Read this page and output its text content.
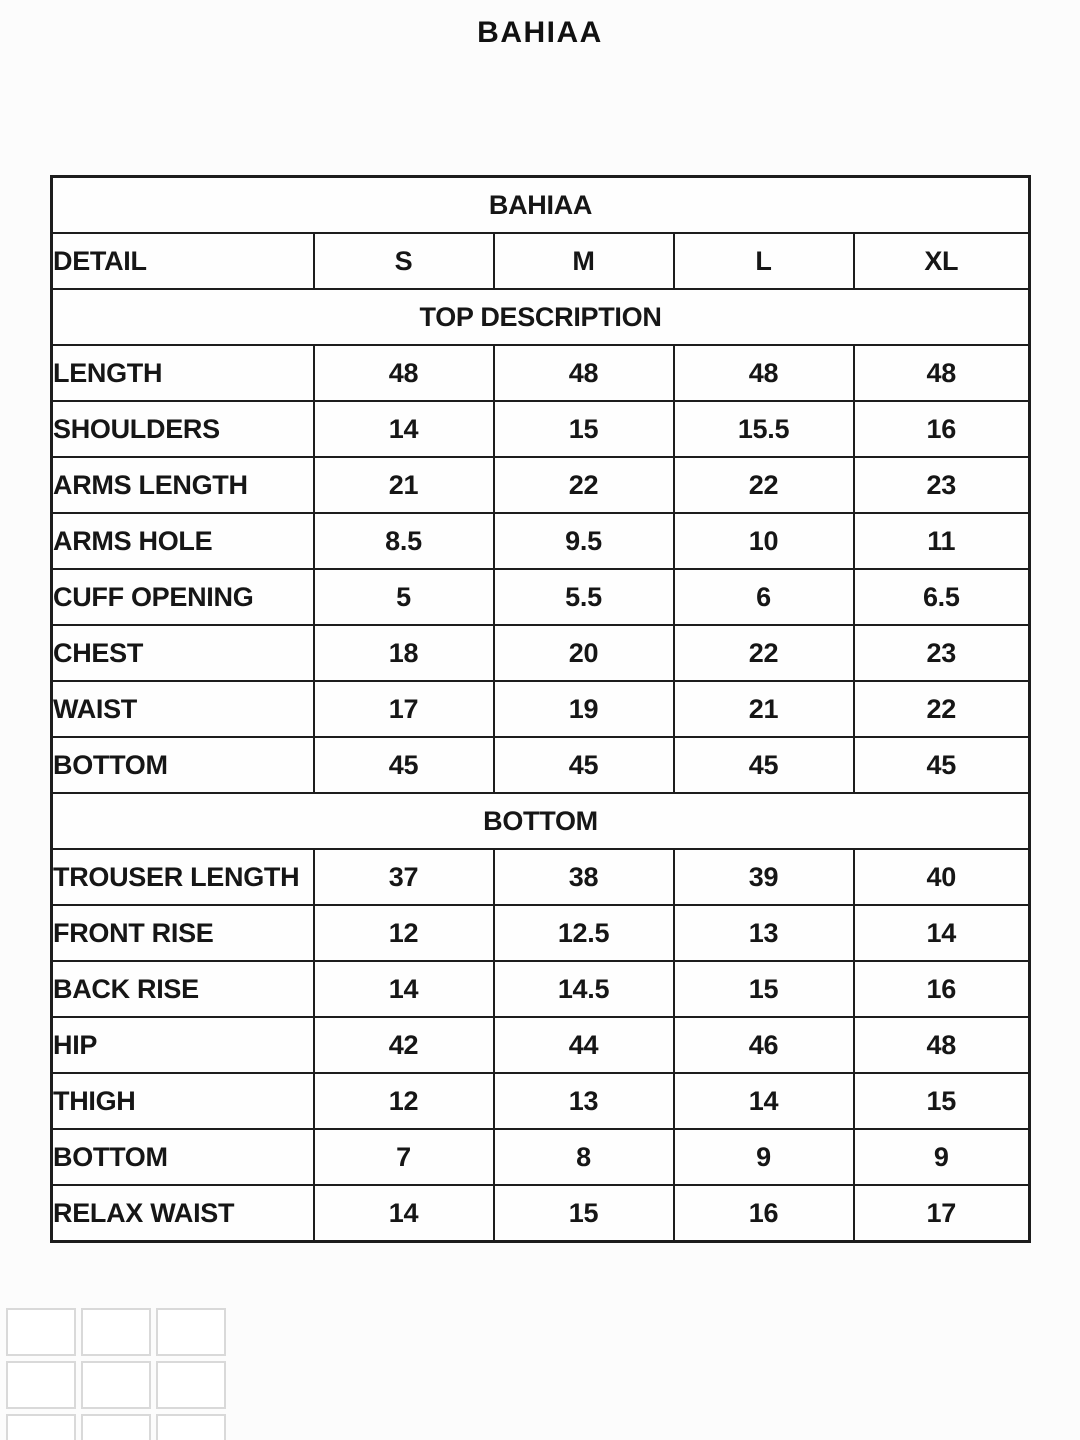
BAHIAA
BAHIAA				
DETAIL	S	M	L	XL
TOP DESCRIPTION				
LENGTH	48	48	48	48
SHOULDERS	14	15	15.5	16
ARMS LENGTH	21	22	22	23
ARMS HOLE	8.5	9.5	10	11
CUFF OPENING	5	5.5	6	6.5
CHEST	18	20	22	23
WAIST	17	19	21	22
BOTTOM	45	45	45	45
BOTTOM				
TROUSER LENGTH	37	38	39	40
FRONT RISE	12	12.5	13	14
BACK RISE	14	14.5	15	16
HIP	42	44	46	48
THIGH	12	13	14	15
BOTTOM	7	8	9	9
RELAX WAIST	14	15	16	17
